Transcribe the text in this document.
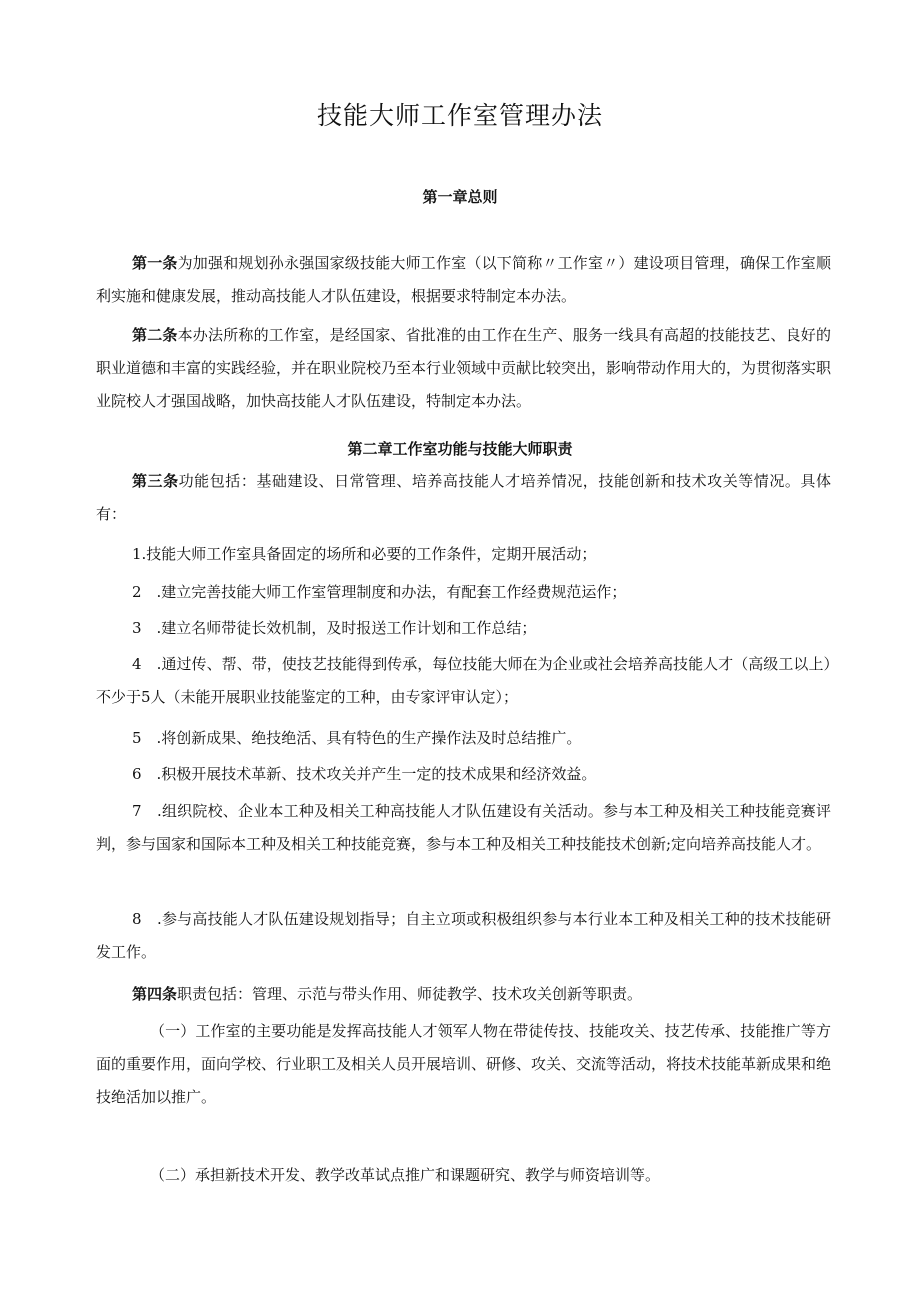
技能大师工作室管理办法
第一章总则
第一条为加强和规划孙永强国家级技能大师工作室（以下简称〃工作室〃）建设项目管理，确保工作室顺利实施和健康发展，推动高技能人才队伍建设，根据要求特制定本办法。
第二条本办法所称的工作室，是经国家、省批准的由工作在生产、服务一线具有高超的技能技艺、良好的职业道德和丰富的实践经验，并在职业院校乃至本行业领域中贡献比较突出，影响带动作用大的，为贯彻落实职业院校人才强国战略，加快高技能人才队伍建设，特制定本办法。
第二章工作室功能与技能大师职责
第三条功能包括：基础建设、日常管理、培养高技能人才培养情况，技能创新和技术攻关等情况。具体有：
1.技能大师工作室具备固定的场所和必要的工作条件，定期开展活动；
2　.建立完善技能大师工作室管理制度和办法，有配套工作经费规范运作；
3　.建立名师带徒长效机制，及时报送工作计划和工作总结；
4　.通过传、帮、带，使技艺技能得到传承，每位技能大师在为企业或社会培养高技能人才（高级工以上）不少于5人（未能开展职业技能鉴定的工种，由专家评审认定）；
5　.将创新成果、绝技绝活、具有特色的生产操作法及时总结推广。
6　.积极开展技术革新、技术攻关并产生一定的技术成果和经济效益。
7　.组织院校、企业本工种及相关工种高技能人才队伍建设有关活动。参与本工种及相关工种技能竞赛评判，参与国家和国际本工种及相关工种技能竞赛，参与本工种及相关工种技能技术创新;定向培养高技能人才。
8　.参与高技能人才队伍建设规划指导；自主立项或积极组织参与本行业本工种及相关工种的技术技能研发工作。
第四条职责包括：管理、示范与带头作用、师徒教学、技术攻关创新等职责。
（一）工作室的主要功能是发挥高技能人才领军人物在带徒传技、技能攻关、技艺传承、技能推广等方面的重要作用，面向学校、行业职工及相关人员开展培训、研修、攻关、交流等活动，将技术技能革新成果和绝技绝活加以推广。
（二）承担新技术开发、教学改革试点推广和课题研究、教学与师资培训等。
